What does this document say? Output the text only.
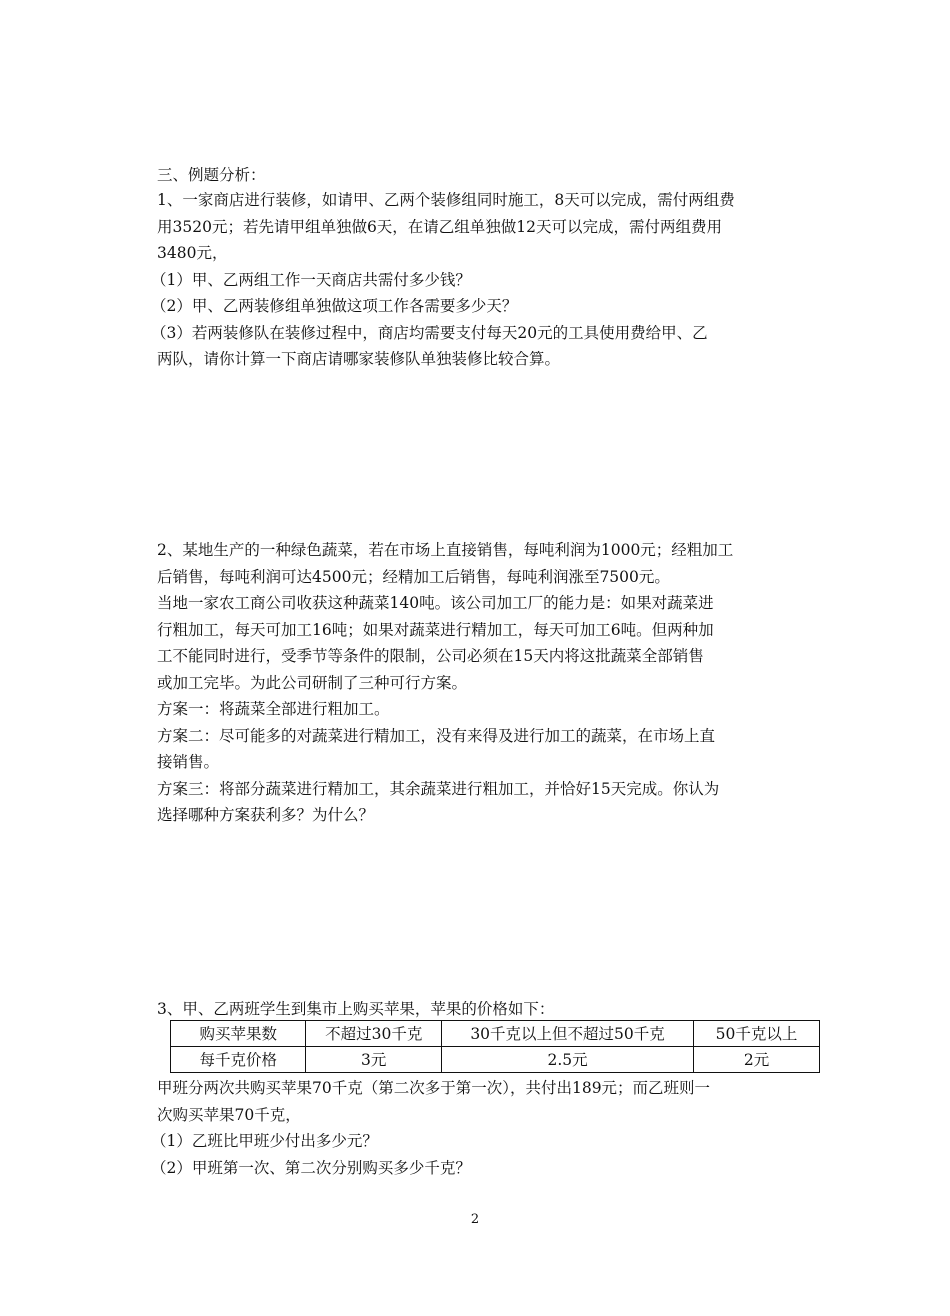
三、例题分析：

1、一家商店进行装修，如请甲、乙两个装修组同时施工，8天可以完成，需付两组费

用3520元；若先请甲组单独做6天，在请乙组单独做12天可以完成，需付两组费用

3480元，

（1）甲、乙两组工作一天商店共需付多少钱？

（2）甲、乙两装修组单独做这项工作各需要多少天？

（3）若两装修队在装修过程中，商店均需要支付每天20元的工具使用费给甲、乙

两队，请你计算一下商店请哪家装修队单独装修比较合算。

2、某地生产的一种绿色蔬菜，若在市场上直接销售，每吨利润为1000元；经粗加工

后销售，每吨利润可达4500元；经精加工后销售，每吨利润涨至7500元。

当地一家农工商公司收获这种蔬菜140吨。该公司加工厂的能力是：如果对蔬菜进

行粗加工，每天可加工16吨；如果对蔬菜进行精加工，每天可加工6吨。但两种加

工不能同时进行，受季节等条件的限制，公司必须在15天内将这批蔬菜全部销售

或加工完毕。为此公司研制了三种可行方案。

方案一：将蔬菜全部进行粗加工。

方案二：尽可能多的对蔬菜进行精加工，没有来得及进行加工的蔬菜，在市场上直

接销售。

方案三：将部分蔬菜进行精加工，其余蔬菜进行粗加工，并恰好15天完成。你认为

选择哪种方案获利多？为什么？

3、甲、乙两班学生到集市上购买苹果，苹果的价格如下：

购买苹果数	不超过30千克	30千克以上但不超过50千克	50千克以上
每千克价格	3元	2.5元	2元

甲班分两次共购买苹果70千克（第二次多于第一次），共付出189元；而乙班则一

次购买苹果70千克，

（1）乙班比甲班少付出多少元？

（2）甲班第一次、第二次分别购买多少千克？

2
